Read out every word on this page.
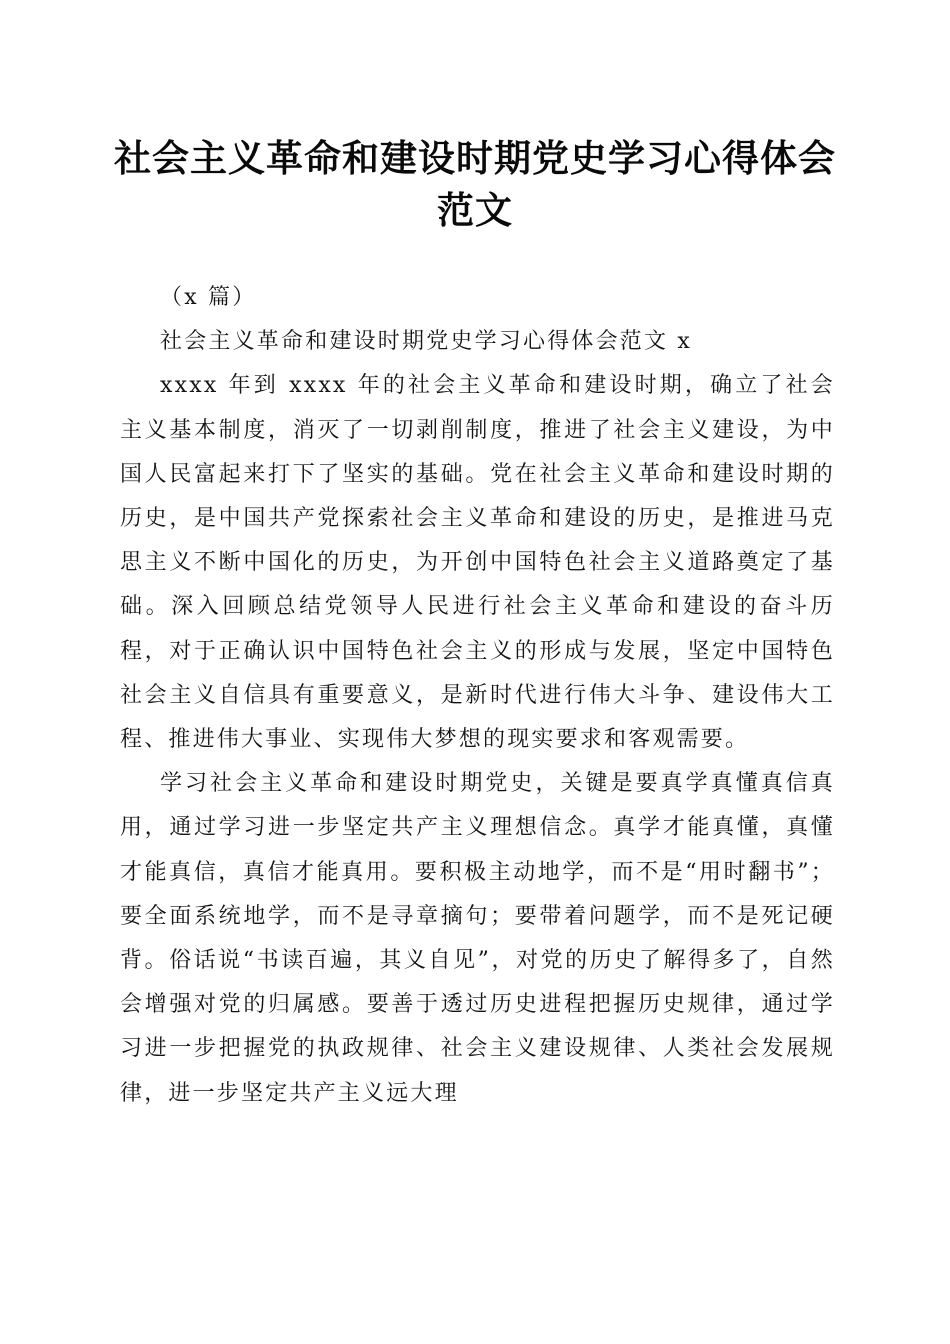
社会主义革命和建设时期党史学习心得体会范文

（x 篇）

社会主义革命和建设时期党史学习心得体会范文 x

xxxx 年到 xxxx 年的社会主义革命和建设时期，确立了社会主义基本制度，消灭了一切剥削制度，推进了社会主义建设，为中国人民富起来打下了坚实的基础。党在社会主义革命和建设时期的历史，是中国共产党探索社会主义革命和建设的历史，是推进马克思主义不断中国化的历史，为开创中国特色社会主义道路奠定了基础。深入回顾总结党领导人民进行社会主义革命和建设的奋斗历程，对于正确认识中国特色社会主义的形成与发展，坚定中国特色社会主义自信具有重要意义，是新时代进行伟大斗争、建设伟大工程、推进伟大事业、实现伟大梦想的现实要求和客观需要。

学习社会主义革命和建设时期党史，关键是要真学真懂真信真用，通过学习进一步坚定共产主义理想信念。真学才能真懂，真懂才能真信，真信才能真用。要积极主动地学，而不是“用时翻书”；要全面系统地学，而不是寻章摘句；要带着问题学，而不是死记硬背。俗话说“书读百遍，其义自见”，对党的历史了解得多了，自然会增强对党的归属感。要善于透过历史进程把握历史规律，通过学习进一步把握党的执政规律、社会主义建设规律、人类社会发展规律，进一步坚定共产主义远大理
